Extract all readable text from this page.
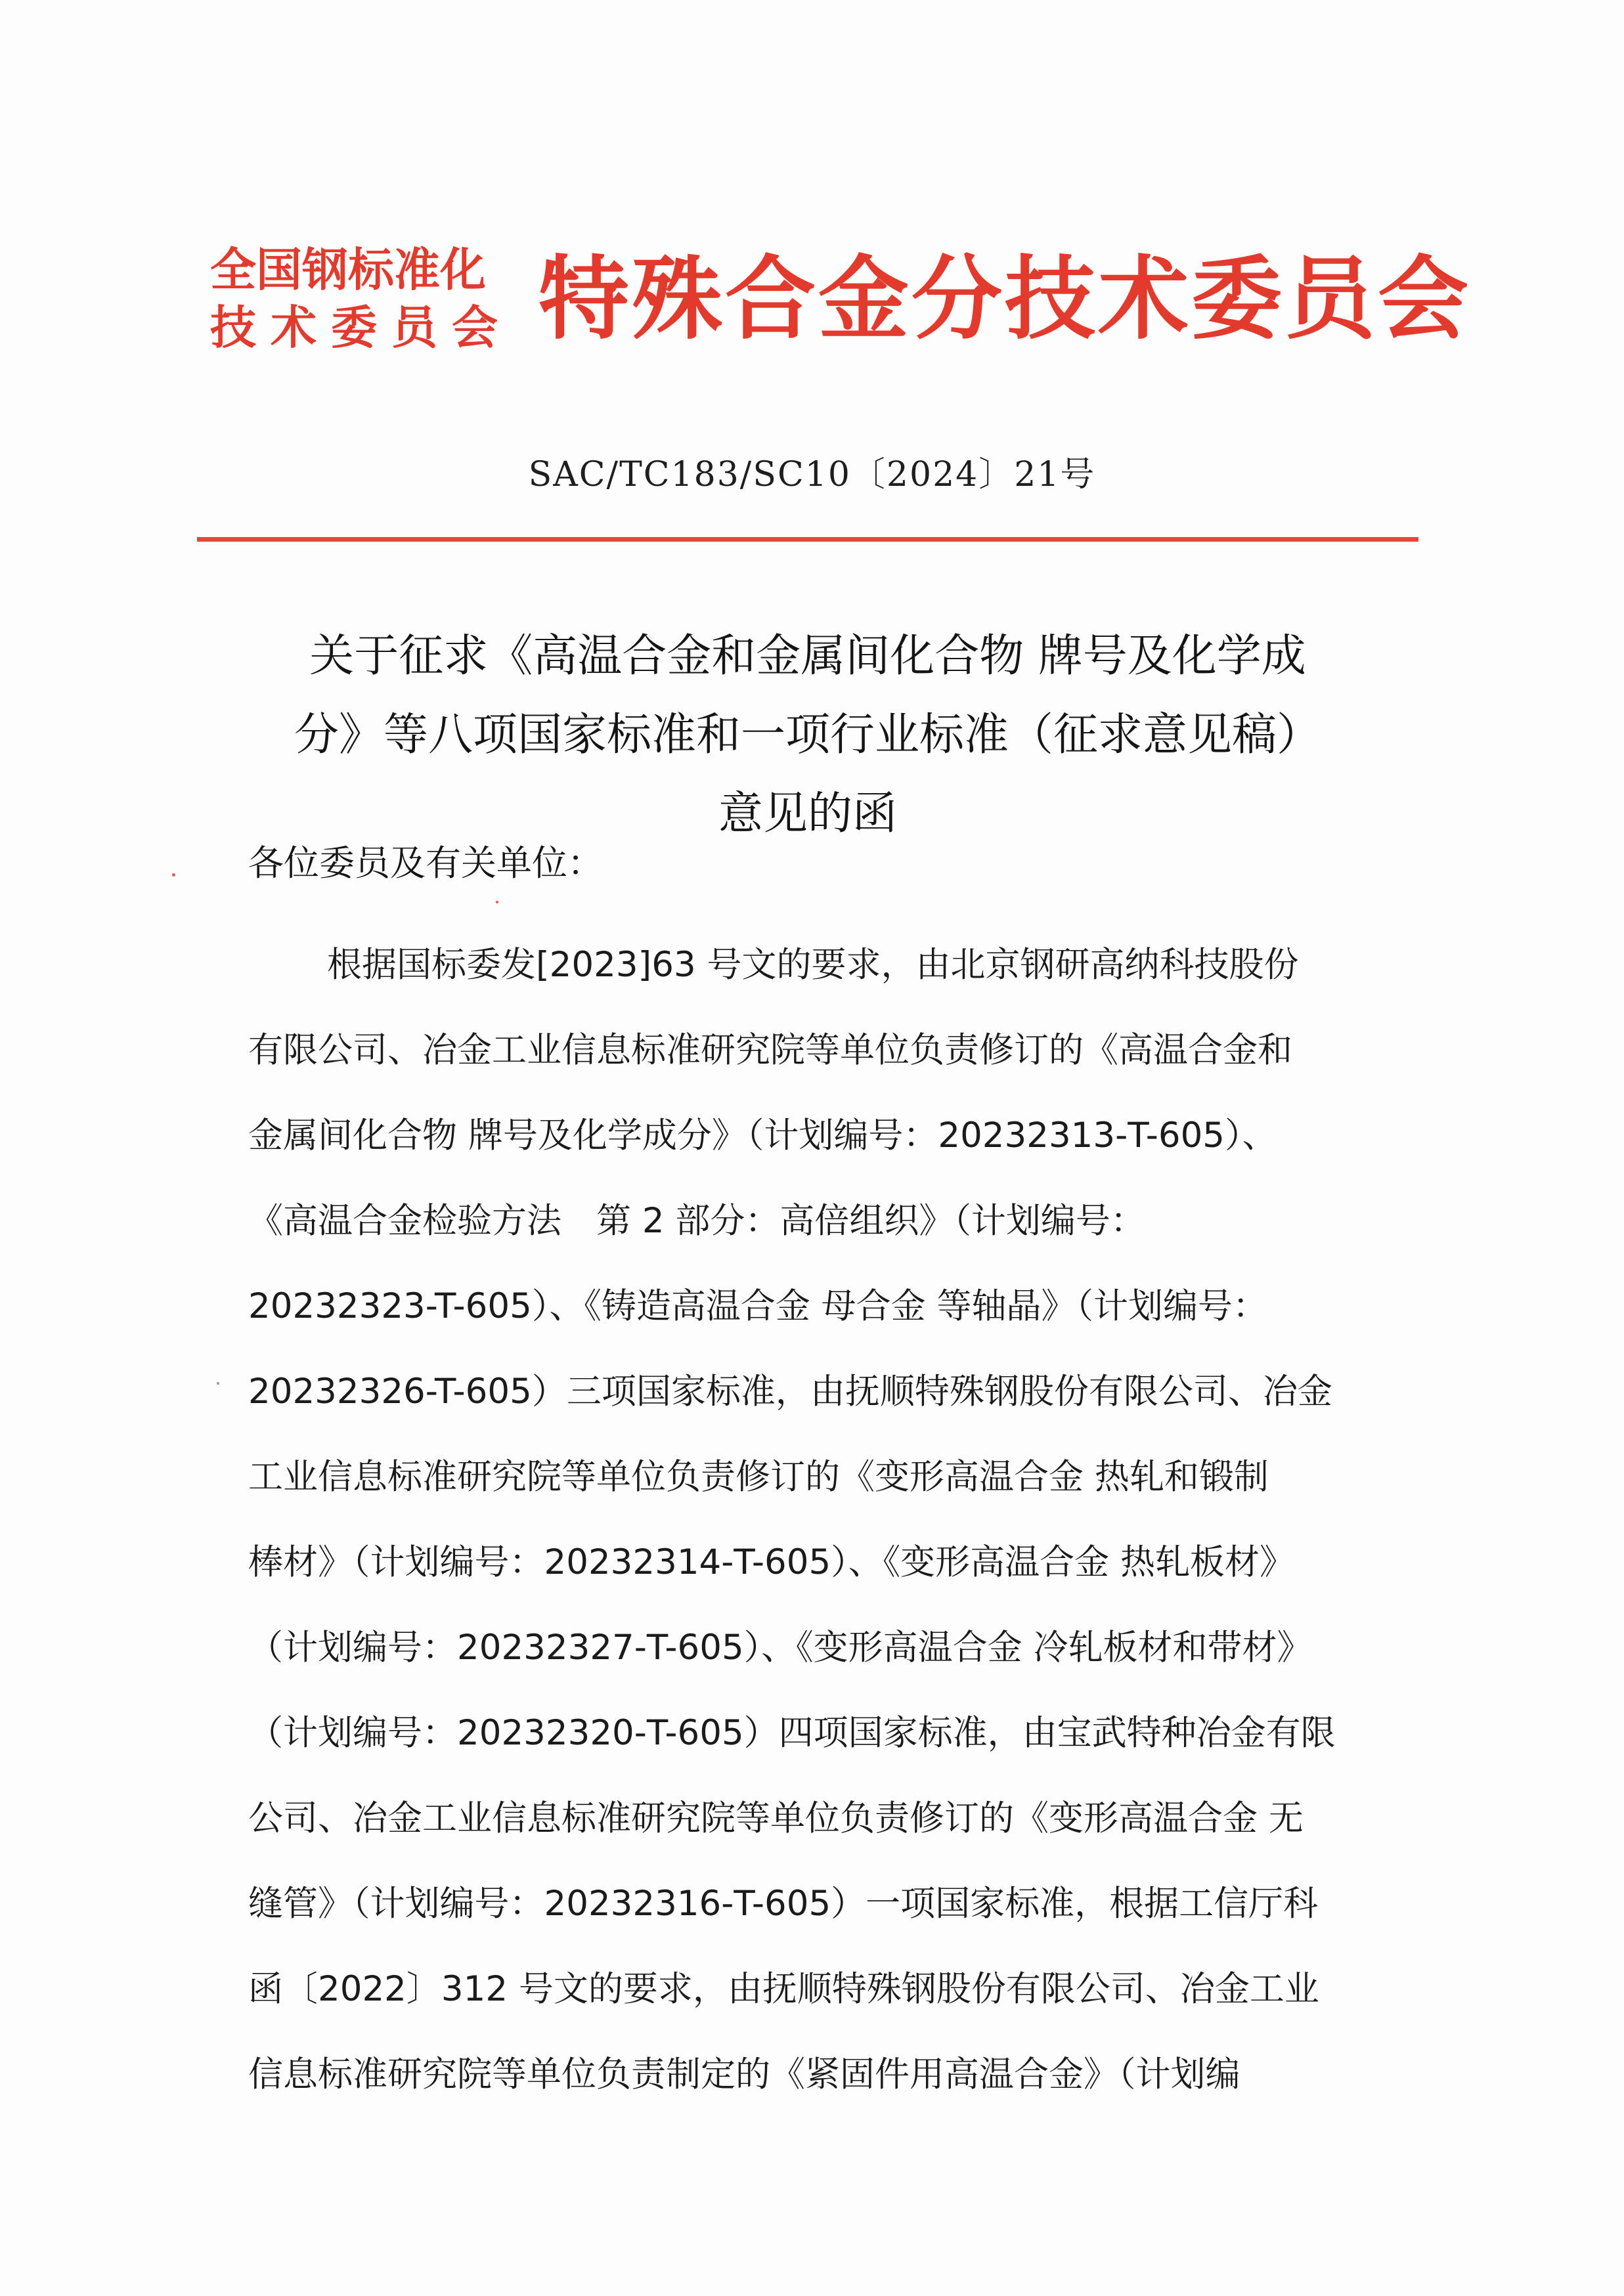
全国钢标准化
技术委员会 特殊合金分技术委员会
SAC/TC183/SC10〔2024〕21号
关于征求《高温合金和金属间化合物 牌号及化学成
分》等八项国家标准和一项行业标准（征求意见稿）
意见的函
各位委员及有关单位：
根据国标委发[2023]63 号文的要求，由北京钢研高纳科技股份
有限公司、冶金工业信息标准研究院等单位负责修订的《高温合金和
金属间化合物 牌号及化学成分》（计划编号：20232313-T-605）、
《高温合金检验方法　第 2 部分：高倍组织》（计划编号：
20232323-T-605）、《铸造高温合金 母合金 等轴晶》（计划编号：
20232326-T-605）三项国家标准，由抚顺特殊钢股份有限公司、冶金
工业信息标准研究院等单位负责修订的《变形高温合金 热轧和锻制
棒材》（计划编号：20232314-T-605）、《变形高温合金 热轧板材》
（计划编号：20232327-T-605）、《变形高温合金 冷轧板材和带材》
（计划编号：20232320-T-605）四项国家标准，由宝武特种冶金有限
公司、冶金工业信息标准研究院等单位负责修订的《变形高温合金 无
缝管》（计划编号：20232316-T-605）一项国家标准，根据工信厅科
函〔2022〕312 号文的要求，由抚顺特殊钢股份有限公司、冶金工业
信息标准研究院等单位负责制定的《紧固件用高温合金》（计划编
